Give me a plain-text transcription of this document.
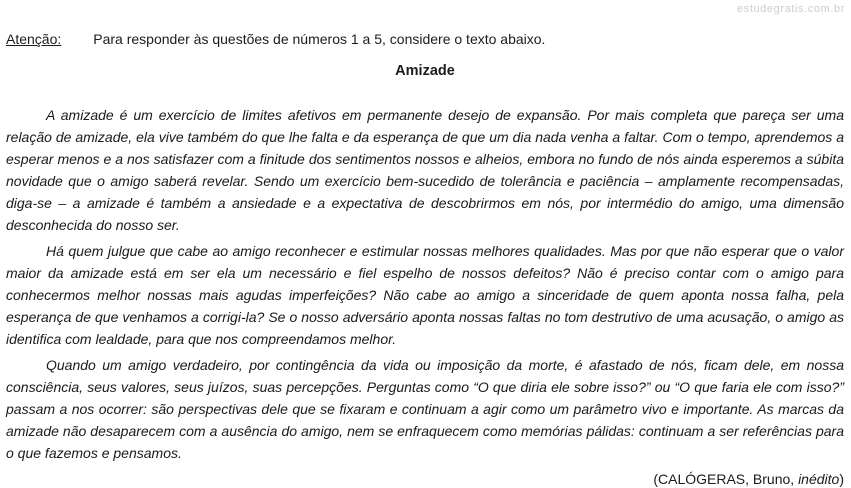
estudegratis.com.br
Atenção: Para responder às questões de números 1 a 5, considere o texto abaixo.
Amizade

A amizade é um exercício de limites afetivos em permanente desejo de expansão. Por mais completa que pareça ser uma relação de amizade, ela vive também do que lhe falta e da esperança de que um dia nada venha a faltar. Com o tempo, aprendemos a esperar menos e a nos satisfazer com a finitude dos sentimentos nossos e alheios, embora no fundo de nós ainda esperemos a súbita novidade que o amigo saberá revelar. Sendo um exercício bem-sucedido de tolerância e paciência – amplamente recompensadas, diga-se – a amizade é também a ansiedade e a expectativa de descobrirmos em nós, por intermédio do amigo, uma dimensão desconhecida do nosso ser.

Há quem julgue que cabe ao amigo reconhecer e estimular nossas melhores qualidades. Mas por que não esperar que o valor maior da amizade está em ser ela um necessário e fiel espelho de nossos defeitos? Não é preciso contar com o amigo para conhecermos melhor nossas mais agudas imperfeições? Não cabe ao amigo a sinceridade de quem aponta nossa falha, pela esperança de que venhamos a corrigi-la? Se o nosso adversário aponta nossas faltas no tom destrutivo de uma acusação, o amigo as identifica com lealdade, para que nos compreendamos melhor.

Quando um amigo verdadeiro, por contingência da vida ou imposição da morte, é afastado de nós, ficam dele, em nossa consciência, seus valores, seus juízos, suas percepções. Perguntas como “O que diria ele sobre isso?” ou “O que faria ele com isso?” passam a nos ocorrer: são perspectivas dele que se fixaram e continuam a agir como um parâmetro vivo e importante. As marcas da amizade não desaparecem com a ausência do amigo, nem se enfraquecem como memórias pálidas: continuam a ser referências para o que fazemos e pensamos.

(CALÓGERAS, Bruno, inédito)
